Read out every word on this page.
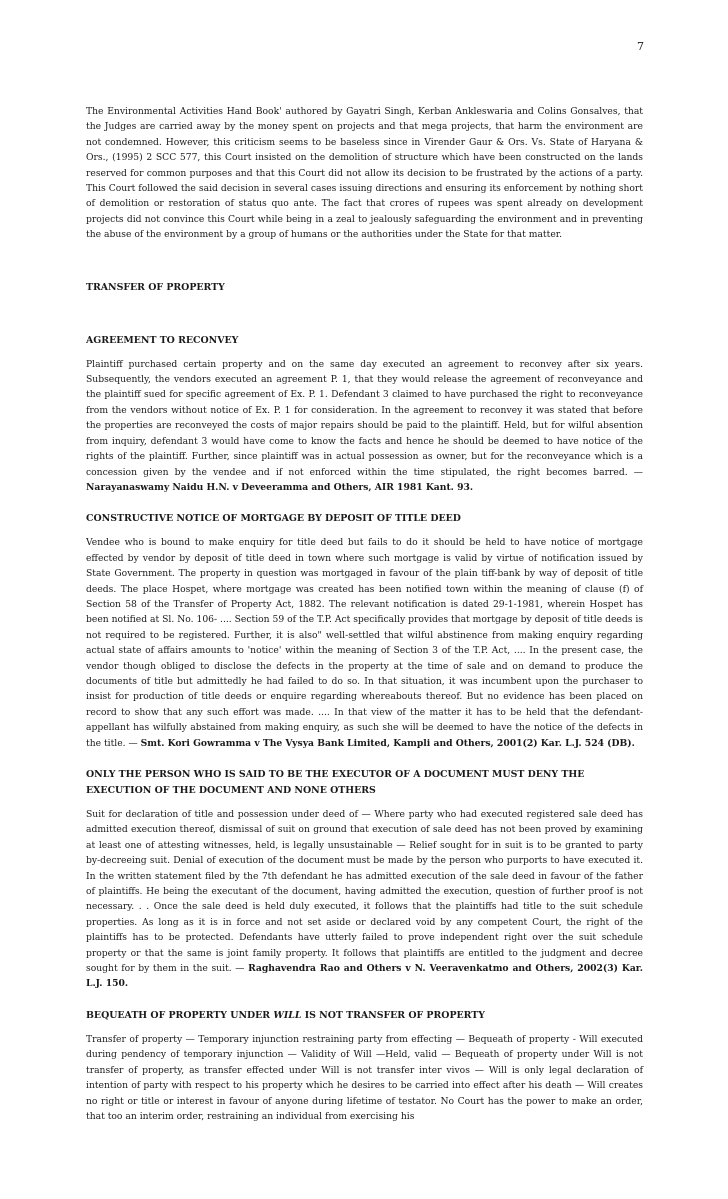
7

The Environmental Activities Hand Book' authored by Gayatri Singh, Kerban Ankleswaria and Colins Gonsalves, that the Judges are carried away by the money spent on projects and that mega projects, that harm the environment are not condemned. However, this criticism seems to be baseless since in Virender Gaur & Ors. Vs. State of Haryana & Ors., (1995) 2 SCC 577, this Court insisted on the demolition of structure which have been constructed on the lands reserved for common purposes and that this Court did not allow its decision to be frustrated by the actions of a party. This Court followed the said decision in several cases issuing directions and ensuring its enforcement by nothing short of demolition or restoration of status quo ante. The fact that crores of rupees was spent already on development projects did not convince this Court while being in a zeal to jealously safeguarding the environment and in preventing the abuse of the environment by a group of humans or the authorities under the State for that matter.

TRANSFER OF PROPERTY
AGREEMENT TO RECONVEY

Plaintiff purchased certain property and on the same day executed an agreement to reconvey after six years. Subsequently, the vendors executed an agreement P. 1, that they would release the agreement of reconveyance and the plaintiff sued for specific agreement of Ex. P. 1. Defendant 3 claimed to have purchased the right to reconveyance from the vendors without notice of Ex. P. 1 for consideration. In the agreement to reconvey it was stated that before the properties are reconveyed the costs of major repairs should be paid to the plaintiff. Held, but for wilful absention from inquiry, defendant 3 would have come to know the facts and hence he should be deemed to have notice of the rights of the plaintiff. Further, since plaintiff was in actual possession as owner, but for the reconveyance which is a concession given by the vendee and if not enforced within the time stipulated, the right becomes barred. — Narayanaswamy Naidu H.N. v Deveeramma and Others, AIR 1981 Kant. 93.

CONSTRUCTIVE NOTICE OF MORTGAGE BY DEPOSIT OF TITLE DEED

Vendee who is bound to make enquiry for title deed but fails to do it should be held to have notice of mortgage effected by vendor by deposit of title deed in town where such mortgage is valid by virtue of notification issued by State Government. The property in question was mortgaged in favour of the plain tiff-bank by way of deposit of title deeds. The place Hospet, where mortgage was created has been notified town within the meaning of clause (f) of Section 58 of the Transfer of Property Act, 1882. The relevant notification is dated 29-1-1981, wherein Hospet has been notified at Sl. No. 106- .... Section 59 of the T.P. Act specifically provides that mortgage by deposit of title deeds is not required to be registered. Further, it is also" well-settled that wilful abstinence from making enquiry regarding actual state of affairs amounts to 'notice' within the meaning of Section 3 of the T.P. Act, .... In the present case, the vendor though obliged to disclose the defects in the property at the time of sale and on demand to produce the documents of title but admittedly he had failed to do so. In that situation, it was incumbent upon the purchaser to insist for production of title deeds or enquire regarding whereabouts thereof. But no evidence has been placed on record to show that any such effort was made. .... In that view of the matter it has to be held that the defendant-appellant has wilfully abstained from making enquiry, as such she will be deemed to have the notice of the defects in the title. — Smt. Kori Gowramma v The Vysya Bank Limited, Kampli and Others, 2001(2) Kar. L.J. 524 (DB).

ONLY THE PERSON WHO IS SAID TO BE THE EXECUTOR OF A DOCUMENT MUST DENY THE EXECUTION OF THE DOCUMENT AND NONE OTHERS

Suit for declaration of title and possession under deed of — Where party who had executed registered sale deed has admitted execution thereof, dismissal of suit on ground that execution of sale deed has not been proved by examining at least one of attesting witnesses, held, is legally unsustainable — Relief sought for in suit is to be granted to party by-decreeing suit. Denial of execution of the document must be made by the person who purports to have executed it. In the written statement filed by the 7th defendant he has admitted execution of the sale deed in favour of the father of plaintiffs. He being the executant of the document, having admitted the execution, question of further proof is not necessary. . . Once the sale deed is held duly executed, it follows that the plaintiffs had title to the suit schedule properties. As long as it is in force and not set aside or declared void by any competent Court, the right of the plaintiffs has to be protected. Defendants have utterly failed to prove independent right over the suit schedule property or that the same is joint family property. It follows that plaintiffs are entitled to the judgment and decree sought for by them in the suit. — Raghavendra Rao and Others v N. Veeravenkatmo and Others, 2002(3) Kar. L.J. 150.

BEQUEATH OF PROPERTY UNDER WILL IS NOT TRANSFER OF PROPERTY

Transfer of property — Temporary injunction restraining party from effecting — Bequeath of property - Will executed during pendency of temporary injunction — Validity of Will —Held, valid — Bequeath of property under Will is not transfer of property, as transfer effected under Will is not transfer inter vivos — Will is only legal declaration of intention of party with respect to his property which he desires to be carried into effect after his death — Will creates no right or title or interest in favour of anyone during lifetime of testator. No Court has the power to make an order, that too an interim order, restraining an individual from exercising his
